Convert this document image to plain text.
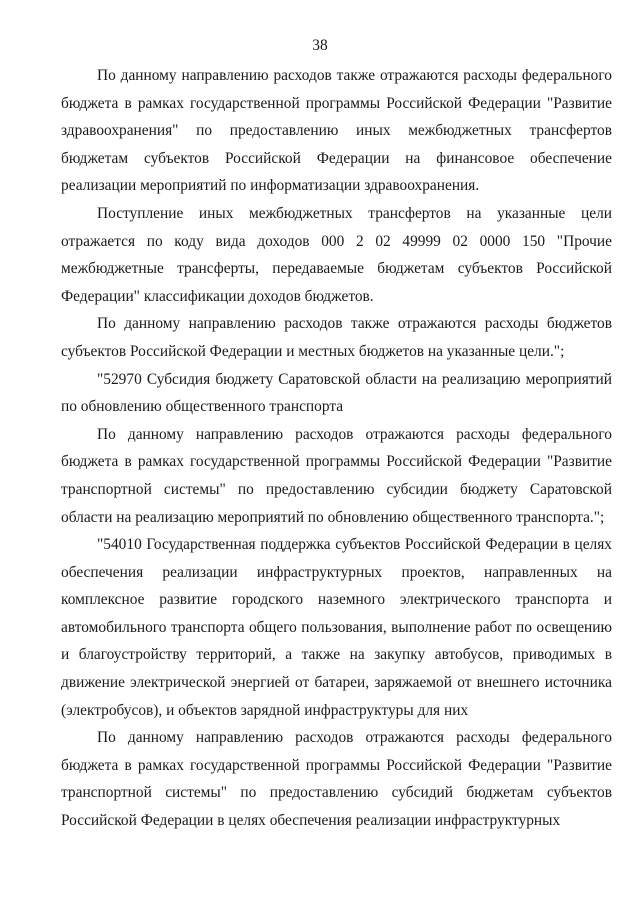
38

По данному направлению расходов также отражаются расходы федерального бюджета в рамках государственной программы Российской Федерации "Развитие здравоохранения" по предоставлению иных межбюджетных трансфертов бюджетам субъектов Российской Федерации на финансовое обеспечение реализации мероприятий по информатизации здравоохранения.

Поступление иных межбюджетных трансфертов на указанные цели отражается по коду вида доходов 000 2 02 49999 02 0000 150 "Прочие межбюджетные трансферты, передаваемые бюджетам субъектов Российской Федерации" классификации доходов бюджетов.

По данному направлению расходов также отражаются расходы бюджетов субъектов Российской Федерации и местных бюджетов на указанные цели.";

"52970 Субсидия бюджету Саратовской области на реализацию мероприятий по обновлению общественного транспорта

По данному направлению расходов отражаются расходы федерального бюджета в рамках государственной программы Российской Федерации "Развитие транспортной системы" по предоставлению субсидии бюджету Саратовской области на реализацию мероприятий по обновлению общественного транспорта.";

"54010 Государственная поддержка субъектов Российской Федерации в целях обеспечения реализации инфраструктурных проектов, направленных на комплексное развитие городского наземного электрического транспорта и автомобильного транспорта общего пользования, выполнение работ по освещению и благоустройству территорий, а также на закупку автобусов, приводимых в движение электрической энергией от батареи, заряжаемой от внешнего источника (электробусов), и объектов зарядной инфраструктуры для них

По данному направлению расходов отражаются расходы федерального бюджета в рамках государственной программы Российской Федерации "Развитие транспортной системы" по предоставлению субсидий бюджетам субъектов Российской Федерации в целях обеспечения реализации инфраструктурных
